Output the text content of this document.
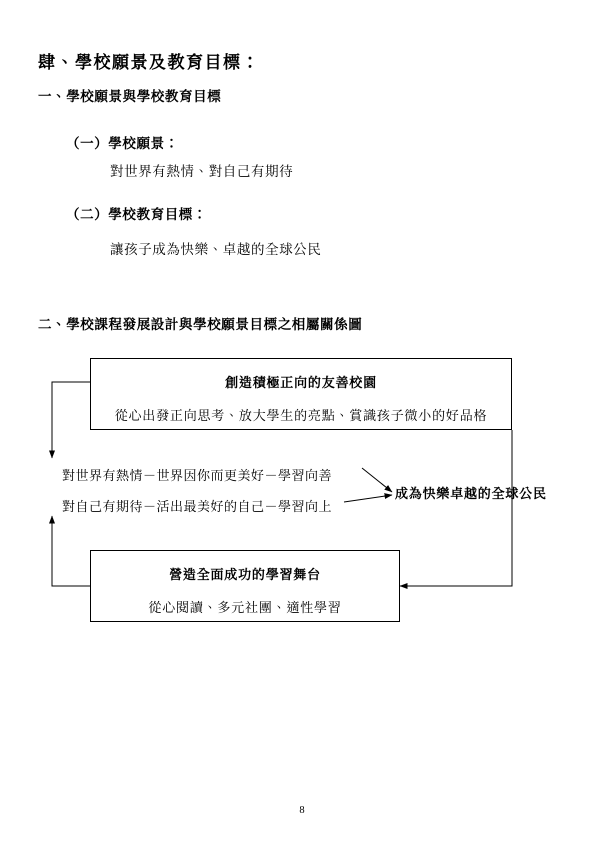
肆、學校願景及教育目標：
一、學校願景與學校教育目標
（一）學校願景：
對世界有熱情、對自己有期待
（二）學校教育目標：
讓孩子成為快樂、卓越的全球公民
二、學校課程發展設計與學校願景目標之相屬關係圖
創造積極正向的友善校園
從心出發正向思考、放大學生的亮點、賞識孩子微小的好品格
對世界有熱情－世界因你而更美好－學習向善
對自己有期待－活出最美好的自己－學習向上
成為快樂卓越的全球公民
營造全面成功的學習舞台
從心閱讀、多元社團、適性學習
8
